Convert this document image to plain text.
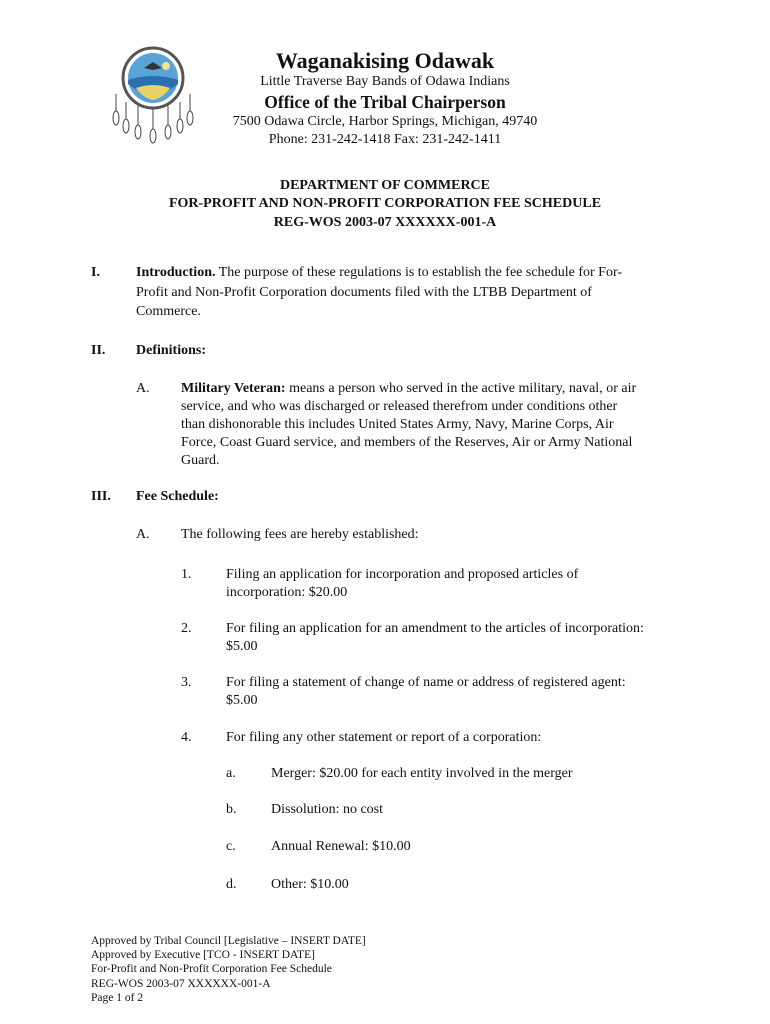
Waganakising Odawak
Little Traverse Bay Bands of Odawa Indians
Office of the Tribal Chairperson
7500 Odawa Circle, Harbor Springs, Michigan, 49740
Phone: 231-242-1418 Fax: 231-242-1411
DEPARTMENT OF COMMERCE
FOR-PROFIT AND NON-PROFIT CORPORATION FEE SCHEDULE
REG-WOS 2003-07 XXXXXX-001-A
I.	Introduction. The purpose of these regulations is to establish the fee schedule for For-
Profit and Non-Profit Corporation documents filed with the LTBB Department of
Commerce.
II. Definitions:
A. Military Veteran: means a person who served in the active military, naval, or air
service, and who was discharged or released therefrom under conditions other
than dishonorable this includes United States Army, Navy, Marine Corps, Air
Force, Coast Guard service, and members of the Reserves, Air or Army National
Guard.
III. Fee Schedule:
A. The following fees are hereby established:
1. Filing an application for incorporation and proposed articles of
incorporation: $20.00
2. For filing an application for an amendment to the articles of incorporation:
$5.00
3. For filing a statement of change of name or address of registered agent:
$5.00
4. For filing any other statement or report of a corporation:
a.	Merger: $20.00 for each entity involved in the merger
b. Dissolution: no cost
c.	Annual Renewal: $10.00
d. Other: $10.00
Approved by Tribal Council [Legislative – INSERT DATE]
Approved by Executive [TCO - INSERT DATE]
For-Profit and Non-Profit Corporation Fee Schedule
REG-WOS 2003-07 XXXXXX-001-A
Page 1 of 2
